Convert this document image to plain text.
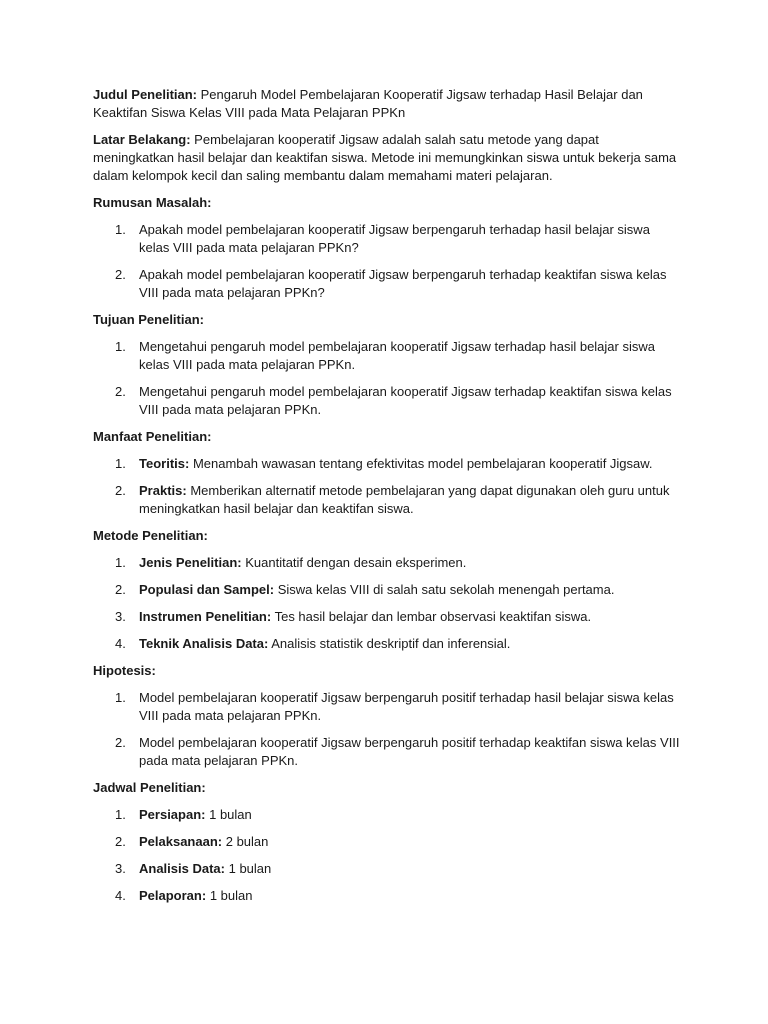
Judul Penelitian: Pengaruh Model Pembelajaran Kooperatif Jigsaw terhadap Hasil Belajar dan Keaktifan Siswa Kelas VIII pada Mata Pelajaran PPKn

Latar Belakang: Pembelajaran kooperatif Jigsaw adalah salah satu metode yang dapat meningkatkan hasil belajar dan keaktifan siswa. Metode ini memungkinkan siswa untuk bekerja sama dalam kelompok kecil dan saling membantu dalam memahami materi pelajaran.

Rumusan Masalah:

1. Apakah model pembelajaran kooperatif Jigsaw berpengaruh terhadap hasil belajar siswa kelas VIII pada mata pelajaran PPKn?
2. Apakah model pembelajaran kooperatif Jigsaw berpengaruh terhadap keaktifan siswa kelas VIII pada mata pelajaran PPKn?

Tujuan Penelitian:

1. Mengetahui pengaruh model pembelajaran kooperatif Jigsaw terhadap hasil belajar siswa kelas VIII pada mata pelajaran PPKn.
2. Mengetahui pengaruh model pembelajaran kooperatif Jigsaw terhadap keaktifan siswa kelas VIII pada mata pelajaran PPKn.

Manfaat Penelitian:

1. Teoritis: Menambah wawasan tentang efektivitas model pembelajaran kooperatif Jigsaw.
2. Praktis: Memberikan alternatif metode pembelajaran yang dapat digunakan oleh guru untuk meningkatkan hasil belajar dan keaktifan siswa.

Metode Penelitian:

1. Jenis Penelitian: Kuantitatif dengan desain eksperimen.
2. Populasi dan Sampel: Siswa kelas VIII di salah satu sekolah menengah pertama.
3. Instrumen Penelitian: Tes hasil belajar dan lembar observasi keaktifan siswa.
4. Teknik Analisis Data: Analisis statistik deskriptif dan inferensial.

Hipotesis:

1. Model pembelajaran kooperatif Jigsaw berpengaruh positif terhadap hasil belajar siswa kelas VIII pada mata pelajaran PPKn.
2. Model pembelajaran kooperatif Jigsaw berpengaruh positif terhadap keaktifan siswa kelas VIII pada mata pelajaran PPKn.

Jadwal Penelitian:

1. Persiapan: 1 bulan
2. Pelaksanaan: 2 bulan
3. Analisis Data: 1 bulan
4. Pelaporan: 1 bulan
